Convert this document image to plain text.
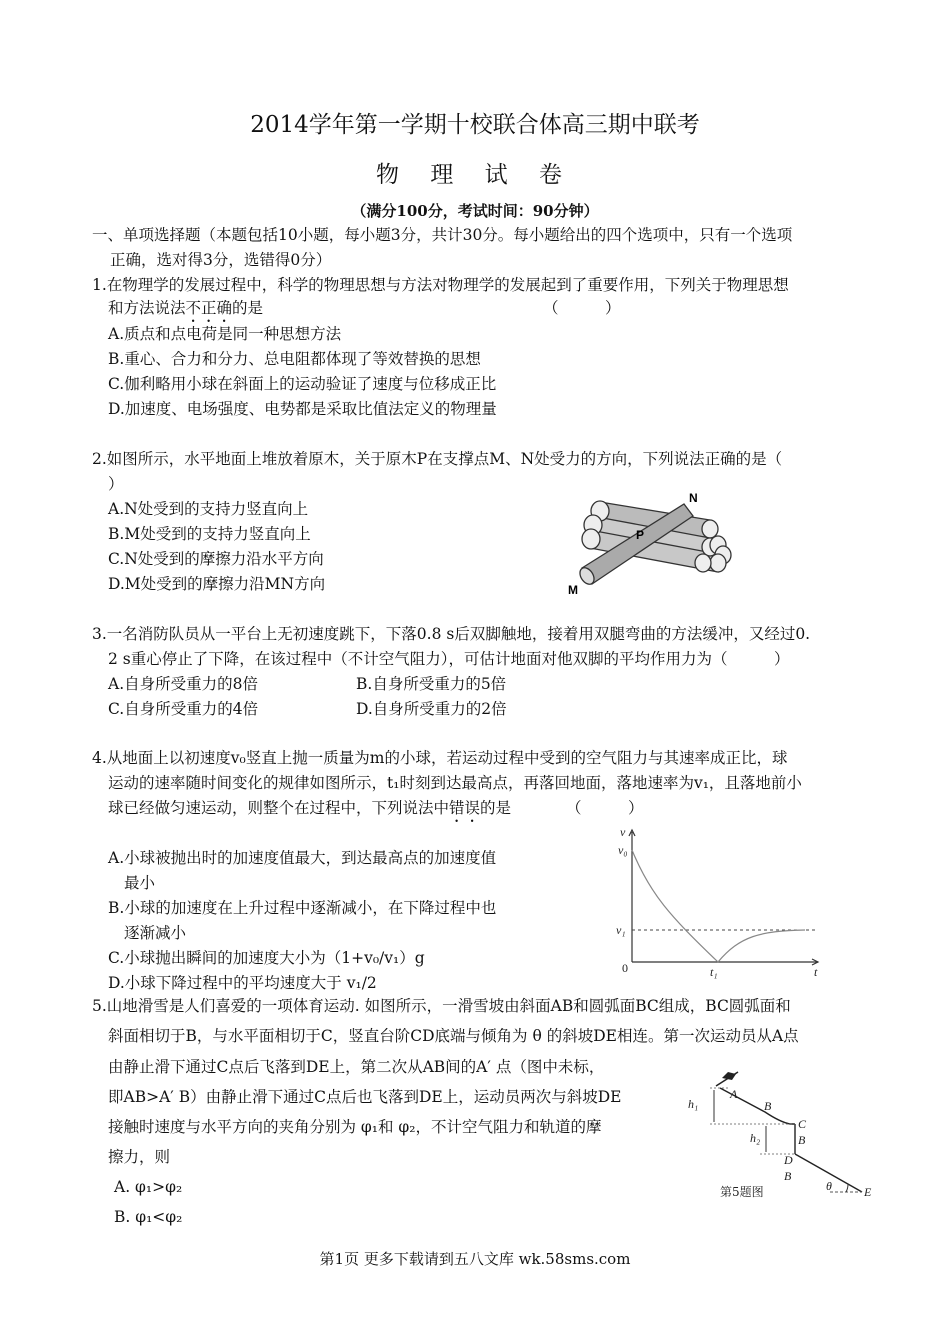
2014学年第一学期十校联合体高三期中联考
物 理 试 卷
（满分100分，考试时间：90分钟）
一、单项选择题（本题包括10小题，每小题3分，共计30分。每小题给出的四个选项中，只有一个选项
正确，选对得3分，选错得0分）
1.在物理学的发展过程中，科学的物理思想与方法对物理学的发展起到了重要作用，下列关于物理思想
和方法说法不正确的是	（　　　）
A.质点和点电荷是同一种思想方法
B.重心、合力和分力、总电阻都体现了等效替换的思想
C.伽利略用小球在斜面上的运动验证了速度与位移成正比
D.加速度、电场强度、电势都是采取比值法定义的物理量
2.如图所示，水平地面上堆放着原木，关于原木P在支撑点M、N处受力的方向，下列说法正确的是（
）
A.N处受到的支持力竖直向上
B.M处受到的支持力竖直向上
C.N处受到的摩擦力沿水平方向
D.M处受到的摩擦力沿MN方向
N
P
M
3.一名消防队员从一平台上无初速度跳下，下落0.8 s后双脚触地，接着用双腿弯曲的方法缓冲，又经过0.
2 s重心停止了下降，在该过程中（不计空气阻力），可估计地面对他双脚的平均作用力为（　　　）
A.自身所受重力的8倍	B.自身所受重力的5倍
C.自身所受重力的4倍	D.自身所受重力的2倍
4.从地面上以初速度v₀竖直上抛一质量为m的小球，若运动过程中受到的空气阻力与其速率成正比，球
运动的速率随时间变化的规律如图所示，t₁时刻到达最高点，再落回地面，落地速率为v₁，且落地前小
球已经做匀速运动，则整个在过程中，下列说法中错误的是	（　　　）
A.小球被抛出时的加速度值最大，到达最高点的加速度值
最小
B.小球的加速度在上升过程中逐渐减小，在下降过程中也
逐渐减小
C.小球抛出瞬间的加速度大小为（1+v₀/v₁）g
D.小球下降过程中的平均速度大于 v₁/2
v
v₀
v₁
0	t₁	t
5.山地滑雪是人们喜爱的一项体育运动. 如图所示，一滑雪坡由斜面AB和圆弧面BC组成，BC圆弧面和
斜面相切于B，与水平面相切于C，竖直台阶CD底端与倾角为 θ 的斜坡DE相连。第一次运动员从A点
由静止滑下通过C点后飞落到DE上，第二次从AB间的A′ 点（图中未标，
即AB>A′ B）由静止滑下通过C点后也飞落到DE上，运动员两次与斜坡DE
接触时速度与水平方向的夹角分别为 φ₁和 φ₂，不计空气阻力和轨道的摩
擦力，则
A. φ₁>φ₂
B. φ₁<φ₂
h₁
h₂
A
B
C
B
D
B
E
θ
第5题图
第1页 更多下载请到五八文库 wk.58sms.com
